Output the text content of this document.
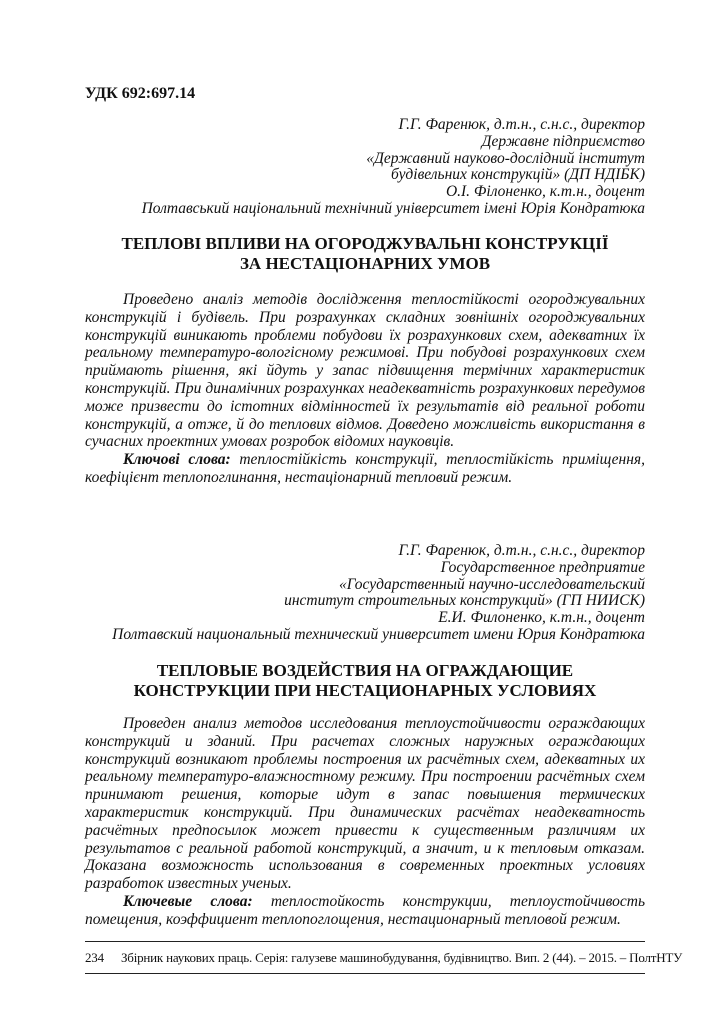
УДК 692:697.14
Г.Г. Фаренюк, д.т.н., с.н.с., директор
Державне підприємство
«Державний науково-дослідний інститут
будівельних конструкцій» (ДП НДІБК)
О.І. Філоненко, к.т.н., доцент
Полтавський національний технічний університет імені Юрія Кондратюка
ТЕПЛОВІ ВПЛИВИ НА ОГОРОДЖУВАЛЬНІ КОНСТРУКЦІЇ
ЗА НЕСТАЦІОНАРНИХ УМОВ

Проведено аналіз методів дослідження теплостійкості огороджувальних конструкцій і будівель. При розрахунках складних зовнішніх огороджувальних конструкцій виникають проблеми побудови їх розрахункових схем, адекватних їх реальному температуро-вологісному режимові. При побудові розрахункових схем приймають рішення, які йдуть у запас підвищення термічних характеристик конструкцій. При динамічних розрахунках неадекватність розрахункових передумов може призвести до істотних відмінностей їх результатів від реальної роботи конструкцій, а отже, й до теплових відмов. Доведено можливість використання в сучасних проектних умовах розробок відомих науковців.

Ключові слова: теплостійкість конструкції, теплостійкість приміщення, коефіцієнт теплопоглинання, нестаціонарний тепловий режим.

Г.Г. Фаренюк, д.т.н., с.н.с., директор
Государственное предприятие
«Государственный научно-исследовательский
институт строительных конструкций» (ГП НИИСК)
Е.И. Филоненко, к.т.н., доцент
Полтавский национальный технический университет имени Юрия Кондратюка
ТЕПЛОВЫЕ ВОЗДЕЙСТВИЯ НА ОГРАЖДАЮЩИЕ
КОНСТРУКЦИИ ПРИ НЕСТАЦИОНАРНЫХ УСЛОВИЯХ

Проведен анализ методов исследования теплоустойчивости ограждающих конструкций и зданий. При расчетах сложных наружных ограждающих конструкций возникают проблемы построения их расчётных схем, адекватных их реальному температуро-влажностному режиму. При построении расчётных схем принимают решения, которые идут в запас повышения термических характеристик конструкций. При динамических расчётах неадекватность расчётных предпосылок может привести к существенным различиям их результатов с реальной работой конструкций, а значит, и к тепловым отказам. Доказана возможность использования в современных проектных условиях разработок известных ученых.

Ключевые слова: теплостойкость конструкции, теплоустойчивость помещения, коэффициент теплопоглощения, нестационарный тепловой режим.

234 Збірник наукових праць. Серія: галузеве машинобудування, будівництво. Вип. 2 (44). – 2015. – ПолтНТУ
